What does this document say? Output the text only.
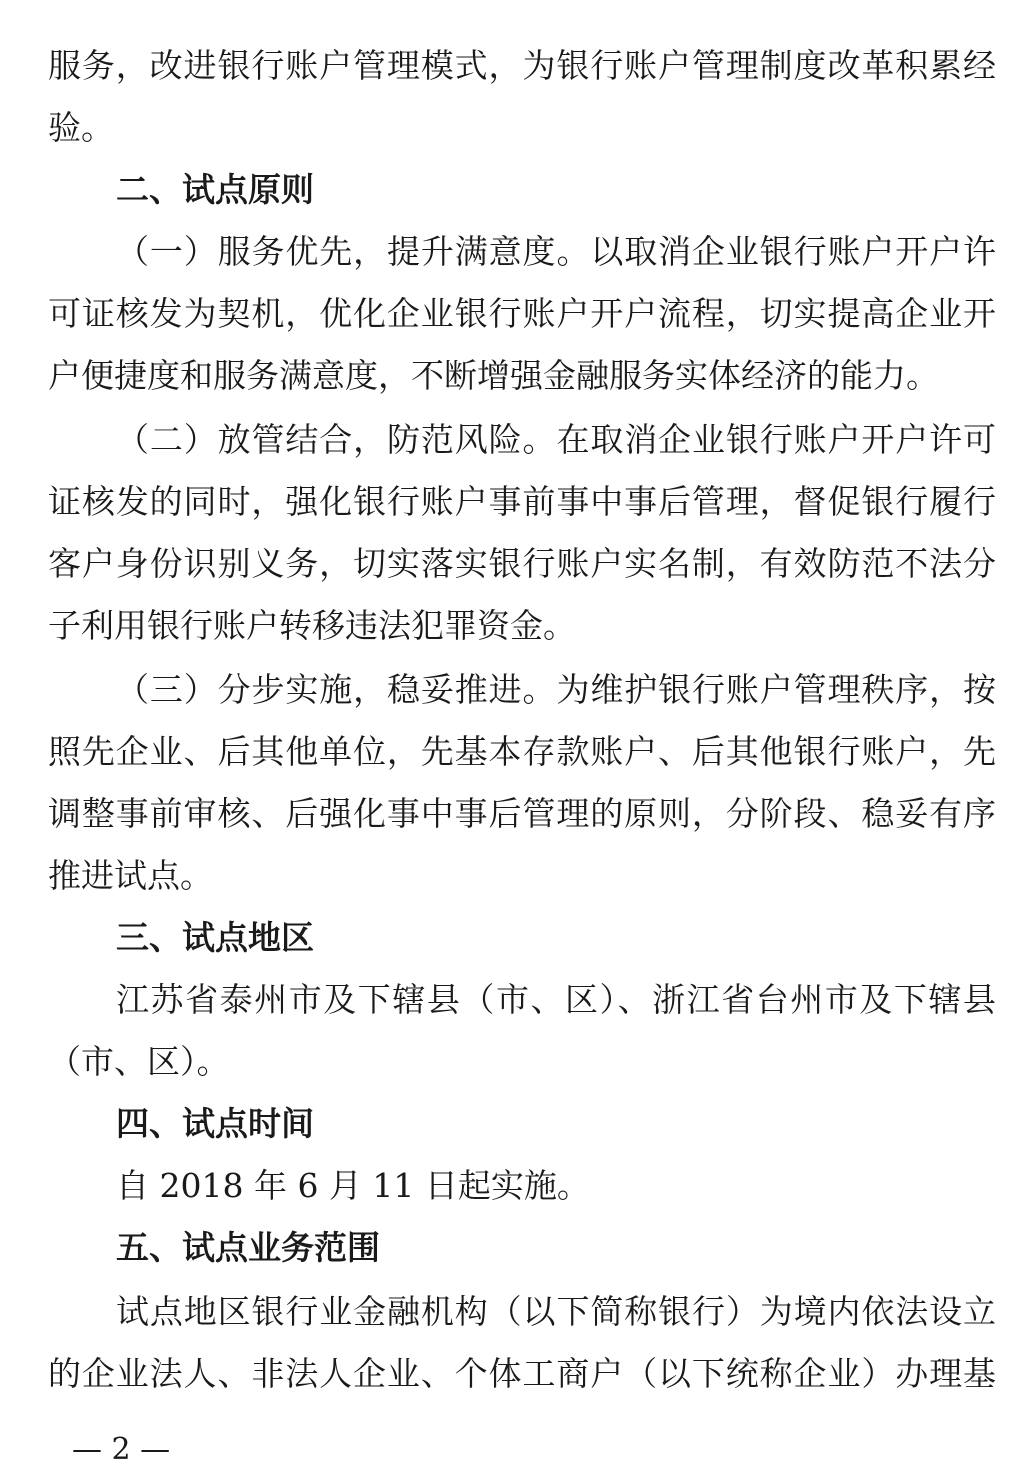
服务，改进银行账户管理模式，为银行账户管理制度改革积累经
验。
二、试点原则
（一）服务优先，提升满意度。以取消企业银行账户开户许
可证核发为契机，优化企业银行账户开户流程，切实提高企业开
户便捷度和服务满意度，不断增强金融服务实体经济的能力。
（二）放管结合，防范风险。在取消企业银行账户开户许可
证核发的同时，强化银行账户事前事中事后管理，督促银行履行
客户身份识别义务，切实落实银行账户实名制，有效防范不法分
子利用银行账户转移违法犯罪资金。
（三）分步实施，稳妥推进。为维护银行账户管理秩序，按
照先企业、后其他单位，先基本存款账户、后其他银行账户，先
调整事前审核、后强化事中事后管理的原则，分阶段、稳妥有序
推进试点。
三、试点地区
江苏省泰州市及下辖县（市、区）、浙江省台州市及下辖县
（市、区）。
四、试点时间
自 2018 年 6 月 11 日起实施。
五、试点业务范围
试点地区银行业金融机构（以下简称银行）为境内依法设立
的企业法人、非法人企业、个体工商户（以下统称企业）办理基
— 2 —
